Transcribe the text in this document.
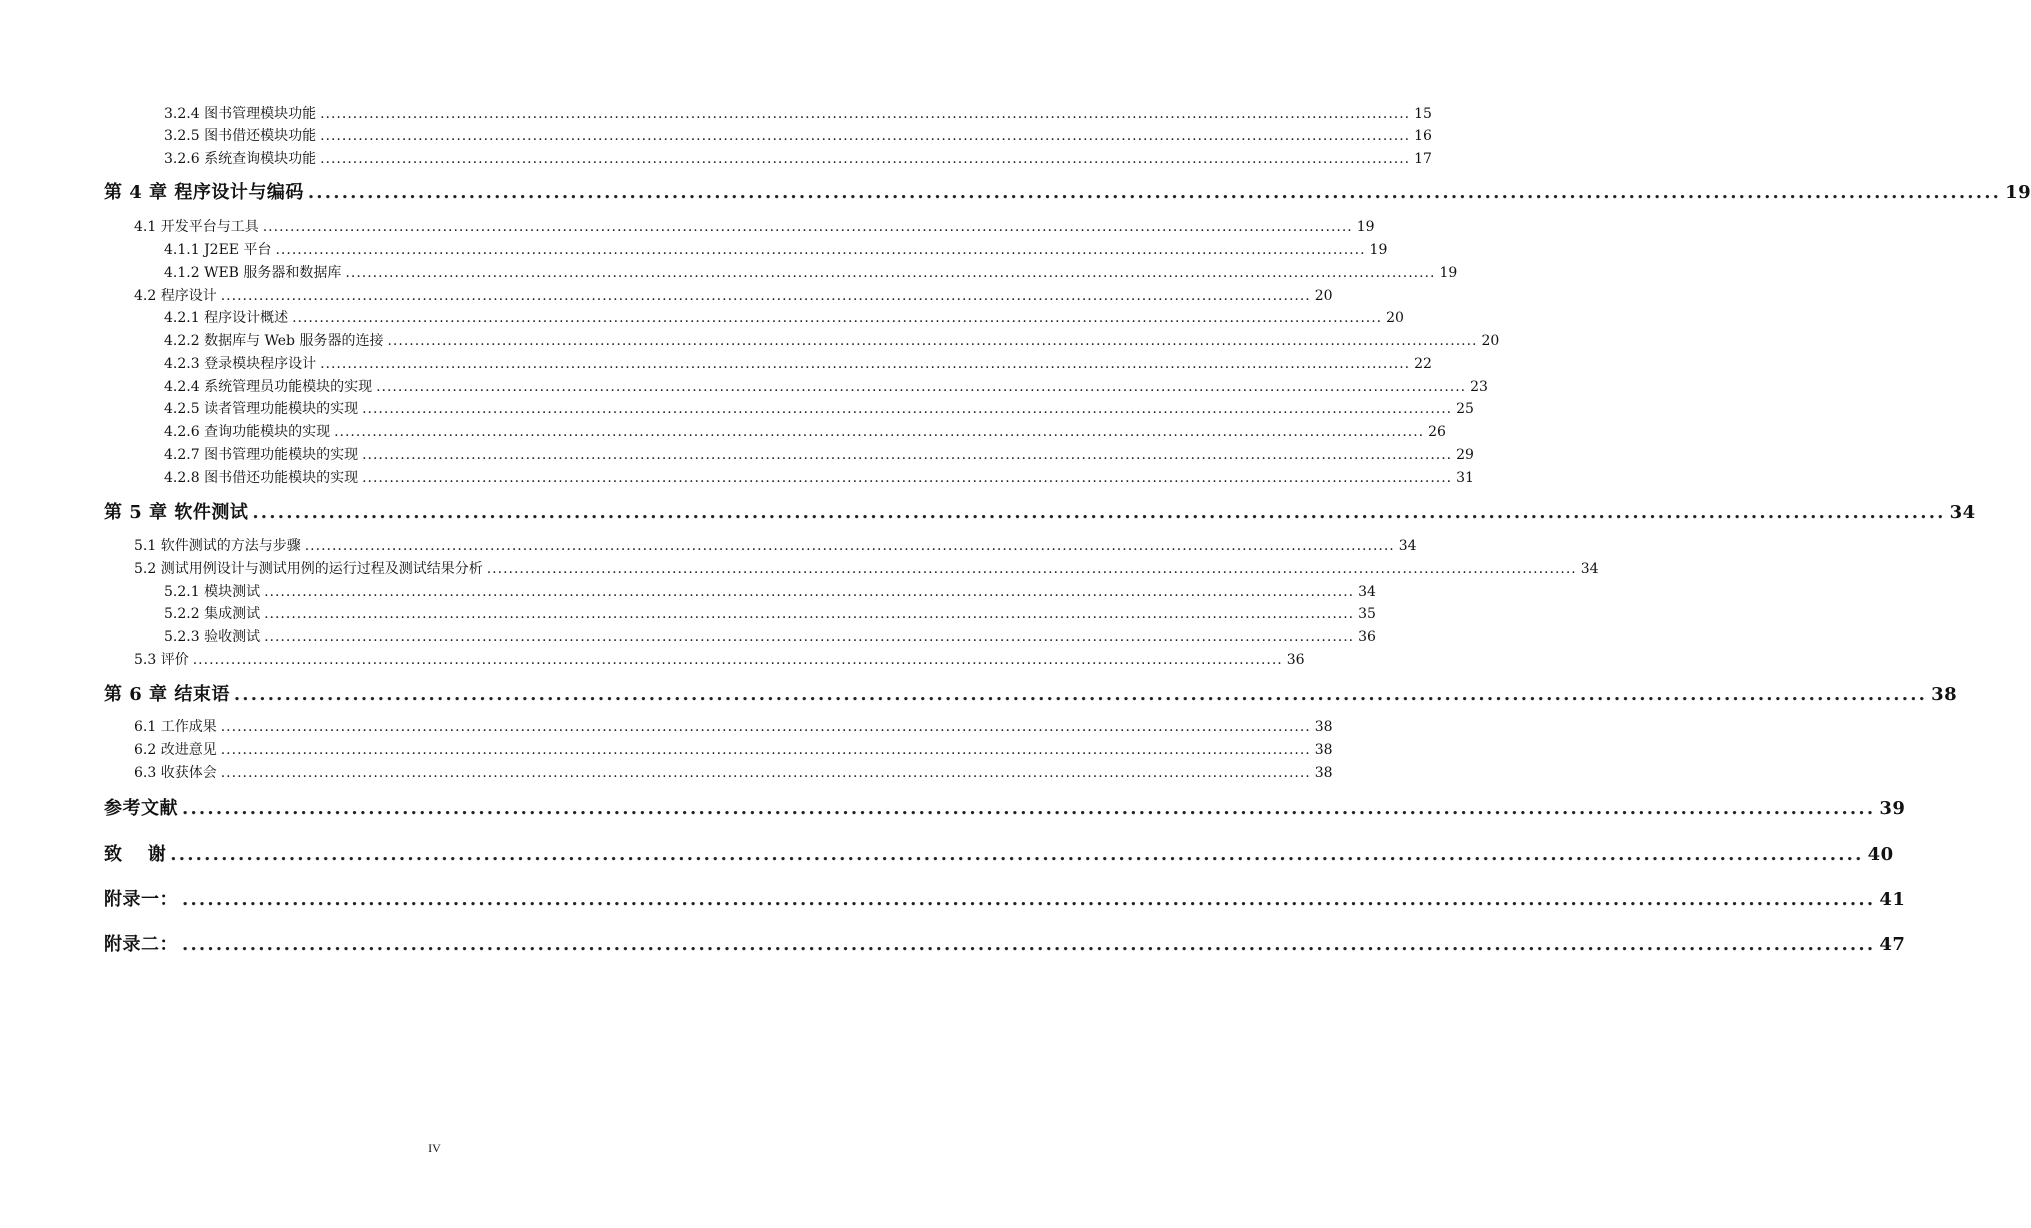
3.2.4 图书管理模块功能 ........................................................................................................................................................................................................ 15
3.2.5 图书借还模块功能 ........................................................................................................................................................................................................ 16
3.2.6 系统查询模块功能 ........................................................................................................................................................................................................ 17
第 4 章 程序设计与编码 ........................................................................................................................................................................................................ 19
4.1 开发平台与工具 ........................................................................................................................................................................................................ 19
4.1.1 J2EE 平台 ........................................................................................................................................................................................................ 19
4.1.2 WEB 服务器和数据库 ........................................................................................................................................................................................................ 19
4.2 程序设计 ........................................................................................................................................................................................................ 20
4.2.1 程序设计概述 ........................................................................................................................................................................................................ 20
4.2.2 数据库与 Web 服务器的连接 ........................................................................................................................................................................................................ 20
4.2.3 登录模块程序设计 ........................................................................................................................................................................................................ 22
4.2.4 系统管理员功能模块的实现 ........................................................................................................................................................................................................ 23
4.2.5 读者管理功能模块的实现 ........................................................................................................................................................................................................ 25
4.2.6 查询功能模块的实现 ........................................................................................................................................................................................................ 26
4.2.7 图书管理功能模块的实现 ........................................................................................................................................................................................................ 29
4.2.8 图书借还功能模块的实现 ........................................................................................................................................................................................................ 31
第 5 章 软件测试 ........................................................................................................................................................................................................ 34
5.1 软件测试的方法与步骤 ........................................................................................................................................................................................................ 34
5.2 测试用例设计与测试用例的运行过程及测试结果分析 ........................................................................................................................................................................................................ 34
5.2.1 模块测试 ........................................................................................................................................................................................................ 34
5.2.2 集成测试 ........................................................................................................................................................................................................ 35
5.2.3 验收测试 ........................................................................................................................................................................................................ 36
5.3 评价 ........................................................................................................................................................................................................ 36
第 6 章 结束语 ........................................................................................................................................................................................................ 38
6.1 工作成果 ........................................................................................................................................................................................................ 38
6.2 改进意见 ........................................................................................................................................................................................................ 38
6.3 收获体会 ........................................................................................................................................................................................................ 38
参考文献 ........................................................................................................................................................................................................ 39
致　 谢 ........................................................................................................................................................................................................ 40
附录一： ........................................................................................................................................................................................................ 41
附录二： ........................................................................................................................................................................................................ 47
IV
